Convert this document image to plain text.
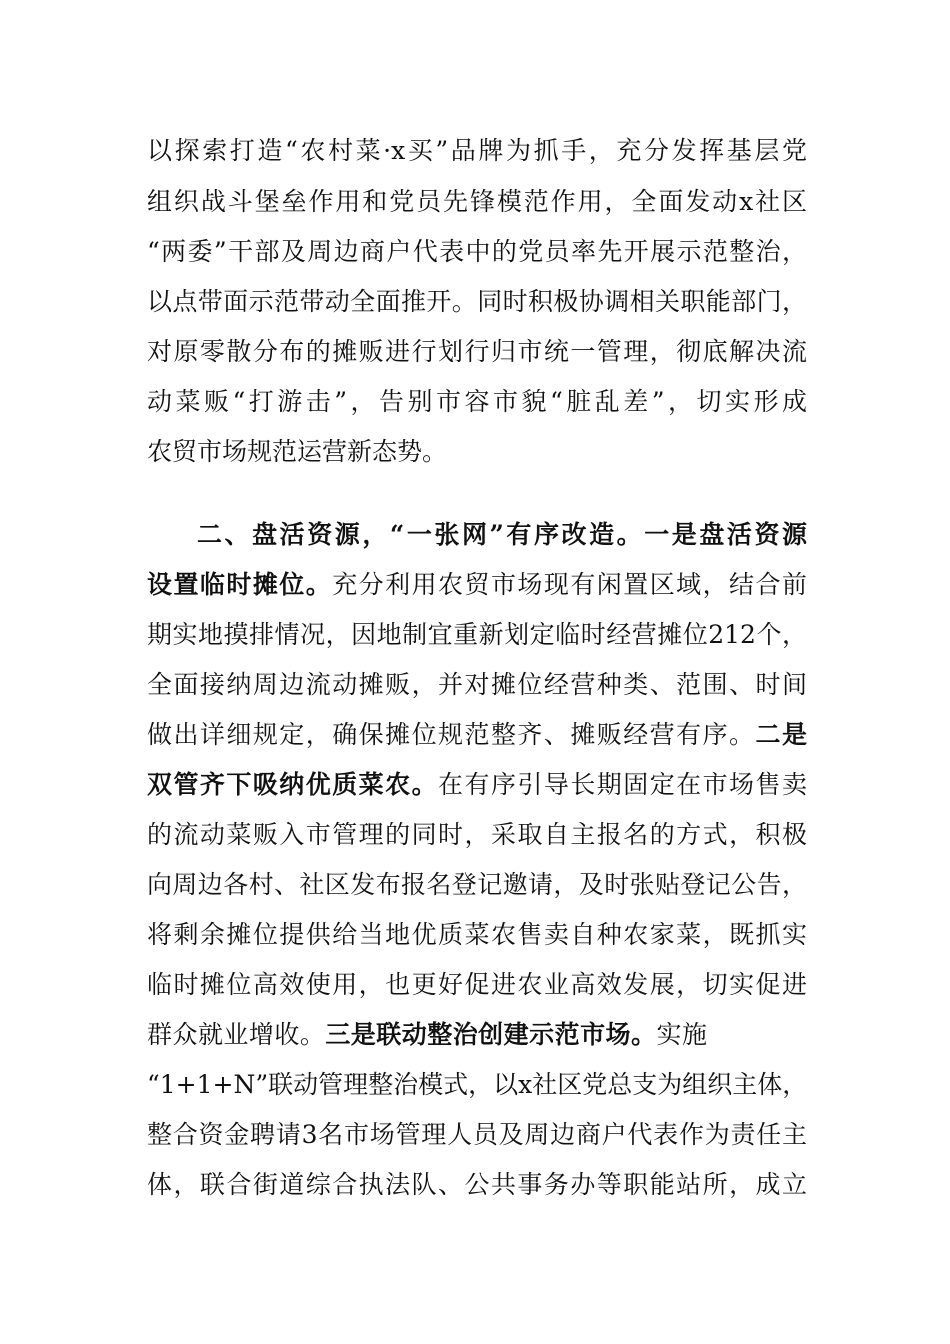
以探索打造“农村菜·x买”品牌为抓手，充分发挥基层党
组织战斗堡垒作用和党员先锋模范作用，全面发动x社区
“两委”干部及周边商户代表中的党员率先开展示范整治，
以点带面示范带动全面推开。同时积极协调相关职能部门，
对原零散分布的摊贩进行划行归市统一管理，彻底解决流
动菜贩“打游击”，告别市容市貌“脏乱差”，切实形成
农贸市场规范运营新态势。
二、盘活资源，“一张网”有序改造。一是盘活资源
设置临时摊位。充分利用农贸市场现有闲置区域，结合前
期实地摸排情况，因地制宜重新划定临时经营摊位212个，
全面接纳周边流动摊贩，并对摊位经营种类、范围、时间
做出详细规定，确保摊位规范整齐、摊贩经营有序。二是
双管齐下吸纳优质菜农。在有序引导长期固定在市场售卖
的流动菜贩入市管理的同时，采取自主报名的方式，积极
向周边各村、社区发布报名登记邀请，及时张贴登记公告，
将剩余摊位提供给当地优质菜农售卖自种农家菜，既抓实
临时摊位高效使用，也更好促进农业高效发展，切实促进
群众就业增收。三是联动整治创建示范市场。实施
“1+1+N”联动管理整治模式，以x社区党总支为组织主体，
整合资金聘请3名市场管理人员及周边商户代表作为责任主
体，联合街道综合执法队、公共事务办等职能站所，成立
